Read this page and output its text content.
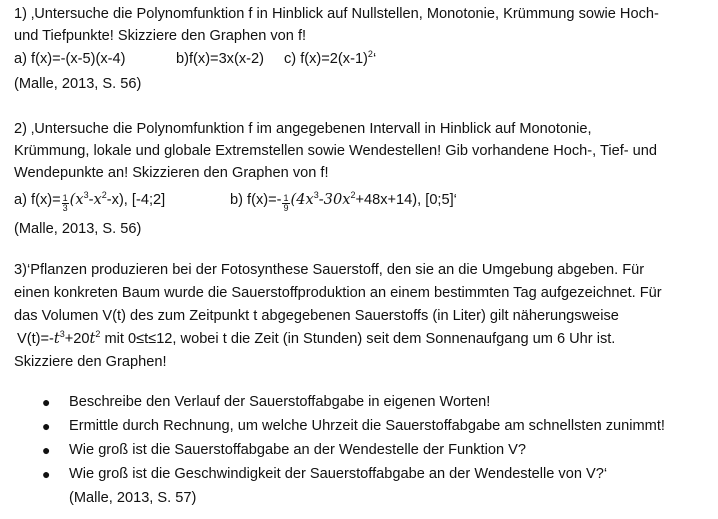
1) ‚Untersuche die Polynomfunktion f in Hinblick auf Nullstellen, Monotonie, Krümmung sowie Hoch-
und Tiefpunkte! Skizziere den Graphen von f!
a) f(x)=-(x-5)(x-4)	b)f(x)=3x(x-2) c) $f(x)=2(x-1)^2‘$
(Malle, 2013, S. 56)
2) ‚Untersuche die Polynomfunktion f im angegebenen Intervall in Hinblick auf Monotonie,
Krümmung, lokale und globale Extremstellen sowie Wendestellen! Gib vorhandene Hoch-, Tief- und
Wendepunkte an! Skizzieren den Graphen von f!
a) $f(x)= \frac{1}{3} (x^3-x^2-x)$, [-4;2]	b) $f(x)=- \frac{1}{9} (4x^3-30x^2+48x+14)$, [0;5]‘
(Malle, 2013, S. 56)
3)‘Pflanzen produzieren bei der Fotosynthese Sauerstoff, den sie an die Umgebung abgeben. Für
einen konkreten Baum wurde die Sauerstoffproduktion an einem bestimmten Tag aufgezeichnet. Für
das Volumen V(t) des zum Zeitpunkt t abgegebenen Sauerstoffs (in Liter) gilt näherungsweise
$V(t)=-t^3+20t^2$ mit 0≤t≤12, wobei t die Zeit (in Stunden) seit dem Sonnenaufgang um 6 Uhr ist.
Skizziere den Graphen!
● Beschreibe den Verlauf der Sauerstoffabgabe in eigenen Worten!
● Ermittle durch Rechnung, um welche Uhrzeit die Sauerstoffabgabe am schnellsten zunimmt!
● Wie groß ist die Sauerstoffabgabe an der Wendestelle der Funktion V?
● Wie groß ist die Geschwindigkeit der Sauerstoffabgabe an der Wendestelle von V?‘
(Malle, 2013, S. 57)
